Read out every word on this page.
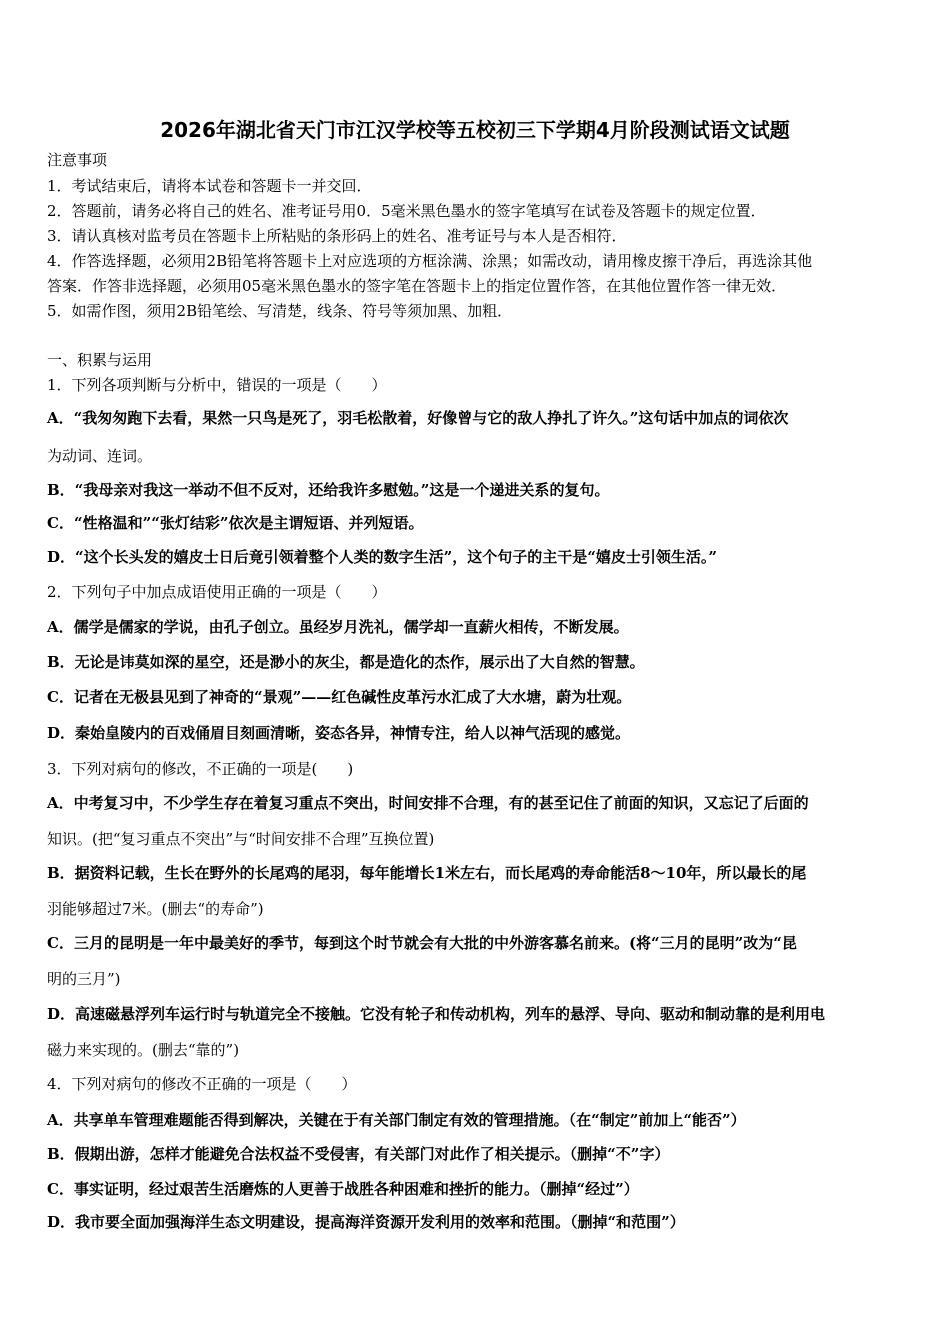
2026年湖北省天门市江汉学校等五校初三下学期4月阶段测试语文试题
注意事项
1．考试结束后，请将本试卷和答题卡一并交回．
2．答题前，请务必将自己的姓名、准考证号用0．5毫米黑色墨水的签字笔填写在试卷及答题卡的规定位置．
3．请认真核对监考员在答题卡上所粘贴的条形码上的姓名、准考证号与本人是否相符．
4．作答选择题，必须用2B铅笔将答题卡上对应选项的方框涂满、涂黑；如需改动，请用橡皮擦干净后，再选涂其他
答案．作答非选择题，必须用05毫米黑色墨水的签字笔在答题卡上的指定位置作答，在其他位置作答一律无效．
5．如需作图，须用2B铅笔绘、写清楚，线条、符号等须加黑、加粗．
一、积累与运用
1．下列各项判断与分析中，错误的一项是（　　）
A．“我匆匆跑下去看，果然一只鸟是死了，羽毛松散着，好像曾与它的敌人挣扎了许久。”这句话中加点的词依次
为动词、连词。
B．“我母亲对我这一举动不但不反对，还给我许多慰勉。”这是一个递进关系的复句。
C．“性格温和”“张灯结彩”依次是主谓短语、并列短语。
D．“这个长头发的嬉皮士日后竟引领着整个人类的数字生活”，这个句子的主干是“嬉皮士引领生活。”
2．下列句子中加点成语使用正确的一项是（　　）
A．儒学是儒家的学说，由孔子创立。虽经岁月洗礼，儒学却一直薪火相传，不断发展。
B．无论是讳莫如深的星空，还是渺小的灰尘，都是造化的杰作，展示出了大自然的智慧。
C．记者在无极县见到了神奇的“景观”——红色碱性皮革污水汇成了大水塘，蔚为壮观。
D．秦始皇陵内的百戏俑眉目刻画清晰，姿态各异，神情专注，给人以神气活现的感觉。
3．下列对病句的修改，不正确的一项是(　　)
A．中考复习中，不少学生存在着复习重点不突出，时间安排不合理，有的甚至记住了前面的知识，又忘记了后面的
知识。(把“复习重点不突出”与“时间安排不合理”互换位置)
B．据资料记载，生长在野外的长尾鸡的尾羽，每年能增长1米左右，而长尾鸡的寿命能活8～10年，所以最长的尾
羽能够超过7米。(删去“的寿命”)
C．三月的昆明是一年中最美好的季节，每到这个时节就会有大批的中外游客慕名前来。(将“三月的昆明”改为“昆
明的三月”)
D．高速磁悬浮列车运行时与轨道完全不接触。它没有轮子和传动机构，列车的悬浮、导向、驱动和制动靠的是利用电
磁力来实现的。(删去“靠的”)
4．下列对病句的修改不正确的一项是（　　）
A．共享单车管理难题能否得到解决，关键在于有关部门制定有效的管理措施。（在“制定”前加上“能否”）
B．假期出游，怎样才能避免合法权益不受侵害，有关部门对此作了相关提示。（删掉“不”字）
C．事实证明，经过艰苦生活磨炼的人更善于战胜各种困难和挫折的能力。（删掉“经过”）
D．我市要全面加强海洋生态文明建设，提高海洋资源开发利用的效率和范围。（删掉“和范围”）
